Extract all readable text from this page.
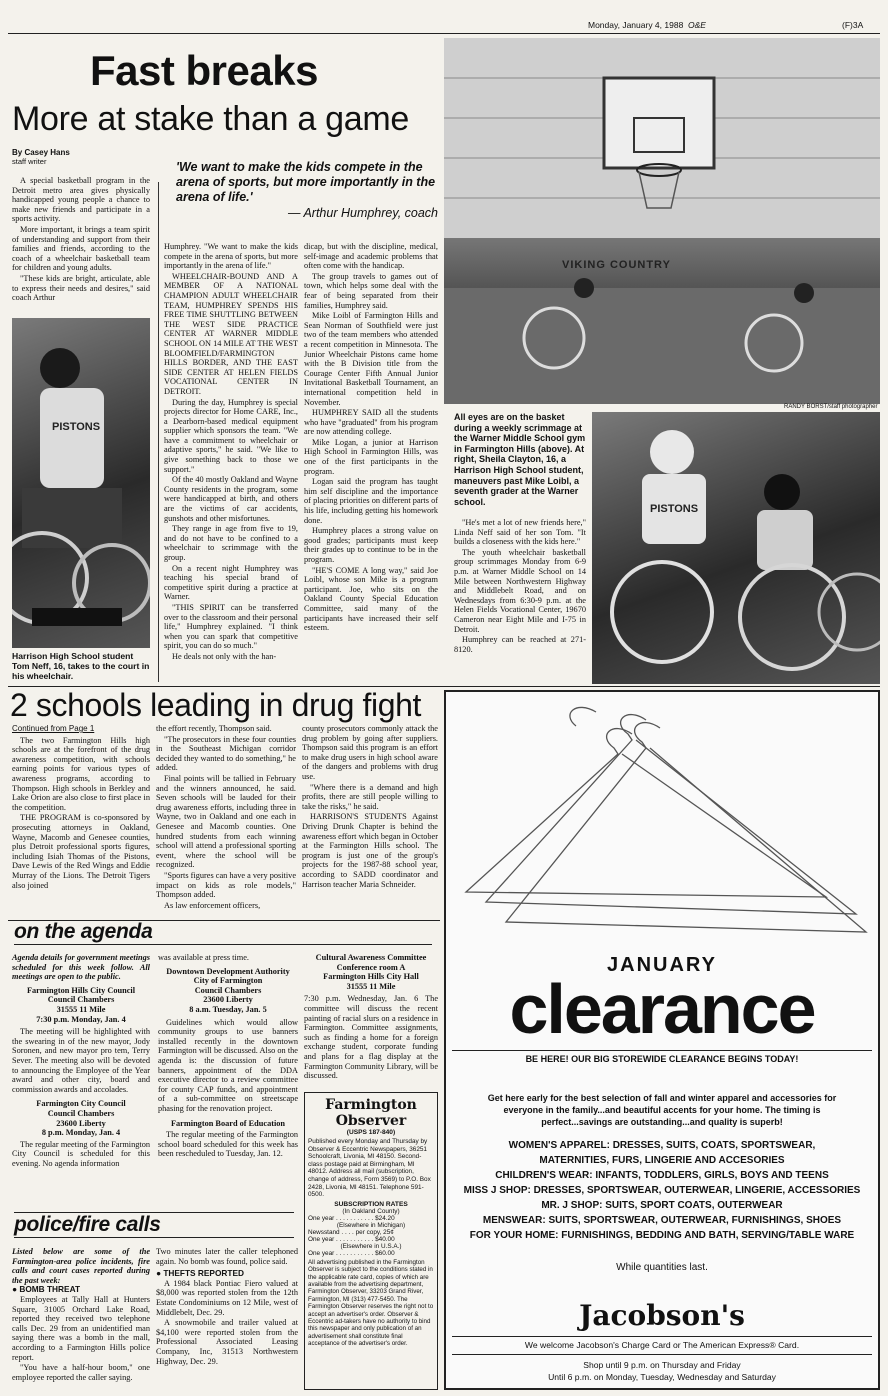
Monday, January 4, 1988 O&E	(F)3A
Fast breaks
More at stake than a game
By Casey Hans
staff writer	'We want to make the kids compete in the arena of sports, but more importantly in the arena of life.'
— Arthur Humphrey, coach

A special basketball program in the Detroit metro area gives physically handicapped young people a chance to make new friends and participate in a sports activity.

More important, it brings a team spirit of understanding and support from their families and friends, according to the coach of a wheelchair basketball team for children and young adults.

"These kids are bright, articulate, able to express their needs and desires," said coach Arthur

PISTONS
Harrison High School student Tom Neff, 16, takes to the court in his wheelchair.

Humphrey. "We want to make the kids compete in the arena of sports, but more importantly in the arena of life."

WHEELCHAIR-BOUND AND A MEMBER OF A NATIONAL CHAMPION ADULT WHEELCHAIR TEAM, HUMPHREY SPENDS HIS FREE TIME SHUTTLING BETWEEN THE WEST SIDE PRACTICE CENTER AT WARNER MIDDLE SCHOOL ON 14 MILE AT THE WEST BLOOMFIELD/FARMINGTON HILLS BORDER, AND THE EAST SIDE CENTER AT HELEN FIELDS VOCATIONAL CENTER IN DETROIT.

During the day, Humphrey is special projects director for Home CARE, Inc., a Dearborn-based medical equipment supplier which sponsors the team. "We have a commitment to wheelchair or adaptive sports," he said. "We like to give something back to those we support."

Of the 40 mostly Oakland and Wayne County residents in the program, some were handicapped at birth, and others are the victims of car accidents, gunshots and other misfortunes.

They range in age from five to 19, and do not have to be confined to a wheelchair to scrimmage with the group.

On a recent night Humphrey was teaching his special brand of competitive spirit during a practice at Warner.

"THIS SPIRIT can be transferred over to the classroom and their personal life," Humphrey explained. "I think when you can spark that competitive spirit, you can do so much."

He deals not only with the han-

dicap, but with the discipline, medical, self-image and academic problems that often come with the handicap.

The group travels to games out of town, which helps some deal with the fear of being separated from their families, Humphrey said.

Mike Loibl of Farmington Hills and Sean Norman of Southfield were just two of the team members who attended a recent competition in Minnesota. The Junior Wheelchair Pistons came home with the B Division title from the Courage Center Fifth Annual Junior Invitational Basketball Tournament, an international competition held in November.

HUMPHREY SAID all the students who have "graduated" from his program are now attending college.

Mike Logan, a junior at Harrison High School in Farmington Hills, was one of the first participants in the program.

Logan said the program has taught him self discipline and the importance of placing priorities on different parts of his life, including getting his homework done.

Humphrey places a strong value on good grades; participants must keep their grades up to continue to be in the program.

"HE'S COME A long way," said Joe Loibl, whose son Mike is a program participant. Joe, who sits on the Oakland County Special Education Committee, said many of the participants have increased their self esteem.

VIKING COUNTRY
RANDY BORST/staff photographer
All eyes are on the basket during a weekly scrimmage at the Warner Middle School gym in Farmington Hills (above). At right, Sheila Clayton, 16, a Harrison High School student, maneuvers past Mike Loibl, a seventh grader at the Warner school.

"He's met a lot of new friends here," Linda Neff said of her son Tom. "It builds a closeness with the kids here."

The youth wheelchair basketball group scrimmages Monday from 6-9 p.m. at Warner Middle School on 14 Mile between Northwestern Highway and Middlebelt Road, and on Wednesdays from 6:30-9 p.m. at the Helen Fields Vocational Center, 19670 Cameron near Eight Mile and I-75 in Detroit.

Humphrey can be reached at 271-8120.

PISTONS
2 schools leading in drug fight
Continued from Page 1

The two Farmington Hills high schools are at the forefront of the drug awareness competition, with schools earning points for various types of awareness programs, according to Thompson. High schools in Berkley and Lake Orion are also close to first place in the competition.

THE PROGRAM is co-sponsored by prosecuting attorneys in Oakland, Wayne, Macomb and Genesee counties, plus Detroit professional sports figures, including Isiah Thomas of the Pistons, Dave Lewis of the Red Wings and Eddie Murray of the Lions. The Detroit Tigers also joined

the effort recently, Thompson said.

"The prosecutors in these four counties in the Southeast Michigan corridor decided they wanted to do something," he added.

Final points will be tallied in February and the winners announced, he said. Seven schools will be lauded for their drug awareness efforts, including three in Wayne, two in Oakland and one each in Genesee and Macomb counties. One hundred students from each winning school will attend a professional sporting event, where the school will be recognized.

"Sports figures can have a very positive impact on kids as role models," Thompson added.

As law enforcement officers,

county prosecutors commonly attack the drug problem by going after suppliers. Thompson said this program is an effort to make drug users in high school aware of the dangers and problems with drug use.

"Where there is a demand and high profits, there are still people willing to take the risks," he said.

HARRISON'S STUDENTS Against Driving Drunk Chapter is behind the awareness effort which began in October at the Farmington Hills school. The program is just one of the group's projects for the 1987-88 school year, according to SADD coordinator and Harrison teacher Maria Schneider.

on the agenda
Agenda details for government meetings scheduled for this week follow. All meetings are open to the public.
Farmington Hills City Council
Council Chambers
31555 11 Mile
7:30 p.m. Monday, Jan. 4

The meeting will be highlighted with the swearing in of the new mayor, Jody Soronen, and new mayor pro tem, Terry Sever. The meeting also will be devoted to announcing the Employee of the Year award and other city, board and commission awards and accolades.

Farmington City Council
Council Chambers
23600 Liberty
8 p.m. Monday, Jan. 4

The regular meeting of the Farmington City Council is scheduled for this evening. No agenda information

was available at press time.

Downtown Development Authority
City of Farmington
Council Chambers
23600 Liberty
8 a.m. Tuesday, Jan. 5

Guidelines which would allow community groups to use banners installed recently in the downtown Farmington will be discussed. Also on the agenda is: the discussion of future banners, appointment of the DDA executive director to a review committee for county CAP funds, and appointment of a sub-committee on streetscape phasing for the renovation project.

Farmington Board of Education

The regular meeting of the Farmington school board scheduled for this week has been rescheduled to Tuesday, Jan. 12.

Cultural Awareness Committee
Conference room A
Farmington Hills City Hall
31555 11 Mile

7:30 p.m. Wednesday, Jan. 6 The committee will discuss the recent painting of racial slurs on a residence in Farmington. Committee assignments, such as finding a home for a foreign exchange student, corporate funding and plans for a flag display at the Farmington Community Library, will be discussed.

Farmington Observer
(USPS 187-840)
Published every Monday and Thursday by Observer & Eccentric Newspapers, 36251 Schoolcraft, Livonia, MI 48150. Second-class postage paid at Birmingham, MI 48012. Address all mail (subscription, change of address, Form 3569) to P.O. Box 2428, Livonia, MI 48151. Telephone 591-0500.
SUBSCRIPTION RATES
(In Oakland County)
One year . . . . . . . . . . . $24.20
(Elsewhere in Michigan)
Newsstand . . . . per copy, 25¢
One year . . . . . . . . . . . $40.00
(Elsewhere in U.S.A.)
One year . . . . . . . . . . . $60.00
All advertising published in the Farmington Observer is subject to the conditions stated in the applicable rate card, copies of which are available from the advertising department, Farmington Observer, 33203 Grand River, Farmington, MI (313) 477-5450. The Farmington Observer reserves the right not to accept an advertiser's order. Observer & Eccentric ad-takers have no authority to bind this newspaper and only publication of an advertisement shall constitute final acceptance of the advertiser's order.
police/fire calls
Listed below are some of the Farmington-area police incidents, fire calls and court cases reported during the past week:
● BOMB THREAT

Employees at Tally Hall at Hunters Square, 31005 Orchard Lake Road, reported they received two telephone calls Dec. 29 from an unidentified man saying there was a bomb in the mall, according to a Farmington Hills police report.

"You have a half-hour boom," one employee reported the caller saying.

Two minutes later the caller telephoned again. No bomb was found, police said.

● THEFTS REPORTED

A 1984 black Pontiac Fiero valued at $8,000 was reported stolen from the 12th Estate Condominiums on 12 Mile, west of Middlebelt, Dec. 29.

A snowmobile and trailer valued at $4,100 were reported stolen from the Professional Associated Leasing Company, Inc, 31513 Northwestern Highway, Dec. 29.

JANUARY
clearance
BE HERE! OUR BIG STOREWIDE CLEARANCE BEGINS TODAY!
Get here early for the best selection of fall and winter apparel and accessories for everyone in the family...and beautiful accents for your home. The timing is perfect...savings are outstanding...and quality is superb!
WOMEN'S APPAREL: DRESSES, SUITS, COATS, SPORTSWEAR,
MATERNITIES, FURS, LINGERIE AND ACCESORIES
CHILDREN'S WEAR: INFANTS, TODDLERS, GIRLS, BOYS AND TEENS
MISS J SHOP: DRESSES, SPORTSWEAR, OUTERWEAR, LINGERIE, ACCESSORIES
MR. J SHOP: SUITS, SPORT COATS, OUTERWEAR
MENSWEAR: SUITS, SPORTSWEAR, OUTERWEAR, FURNISHINGS, SHOES
FOR YOUR HOME: FURNISHINGS, BEDDING AND BATH, SERVING/TABLE WARE
While quantities last.
Jacobson's
We welcome Jacobson's Charge Card or The American Express® Card.
Shop until 9 p.m. on Thursday and Friday
Until 6 p.m. on Monday, Tuesday, Wednesday and Saturday
